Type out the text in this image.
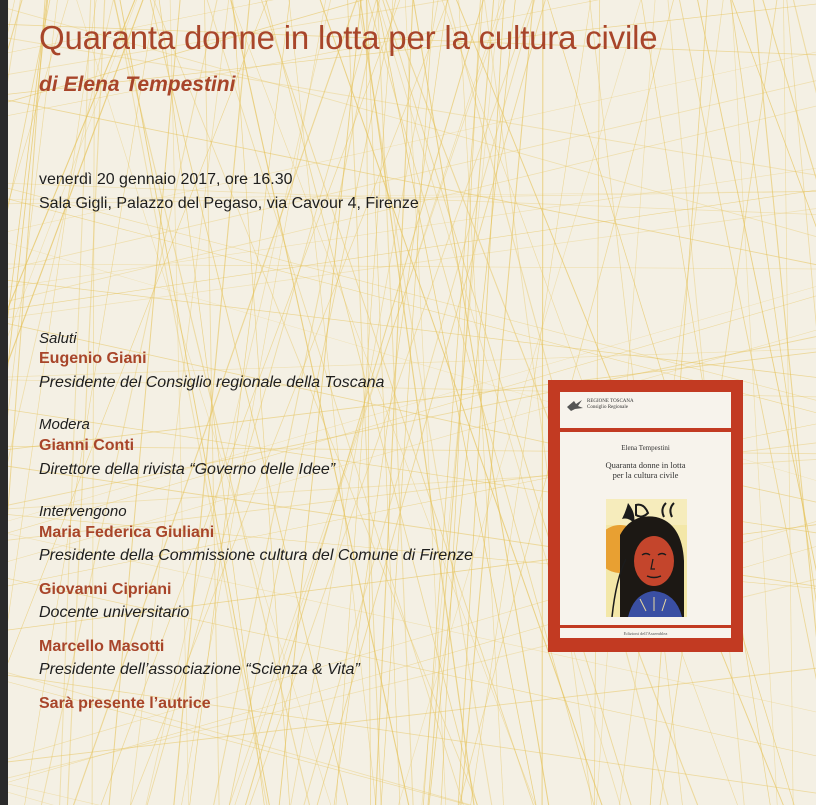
Quaranta donne in lotta per la cultura civile
di Elena Tempestini
venerdì 20 gennaio 2017, ore 16.30
Sala Gigli, Palazzo del Pegaso, via Cavour 4, Firenze
Saluti
Eugenio Giani
Presidente del Consiglio regionale della Toscana
Modera
Gianni Conti
Direttore della rivista “Governo delle Idee”
Intervengono
Maria Federica Giuliani
Presidente della Commissione cultura del Comune di Firenze
Giovanni Cipriani
Docente universitario
Marcello Masotti
Presidente dell’associazione “Scienza & Vita”
Sarà presente l’autrice
REGIONE TOSCANA Consiglio Regionale
Elena Tempestini
Quaranta donne in lotta
per la cultura civile
Edizioni dell'Assemblea
